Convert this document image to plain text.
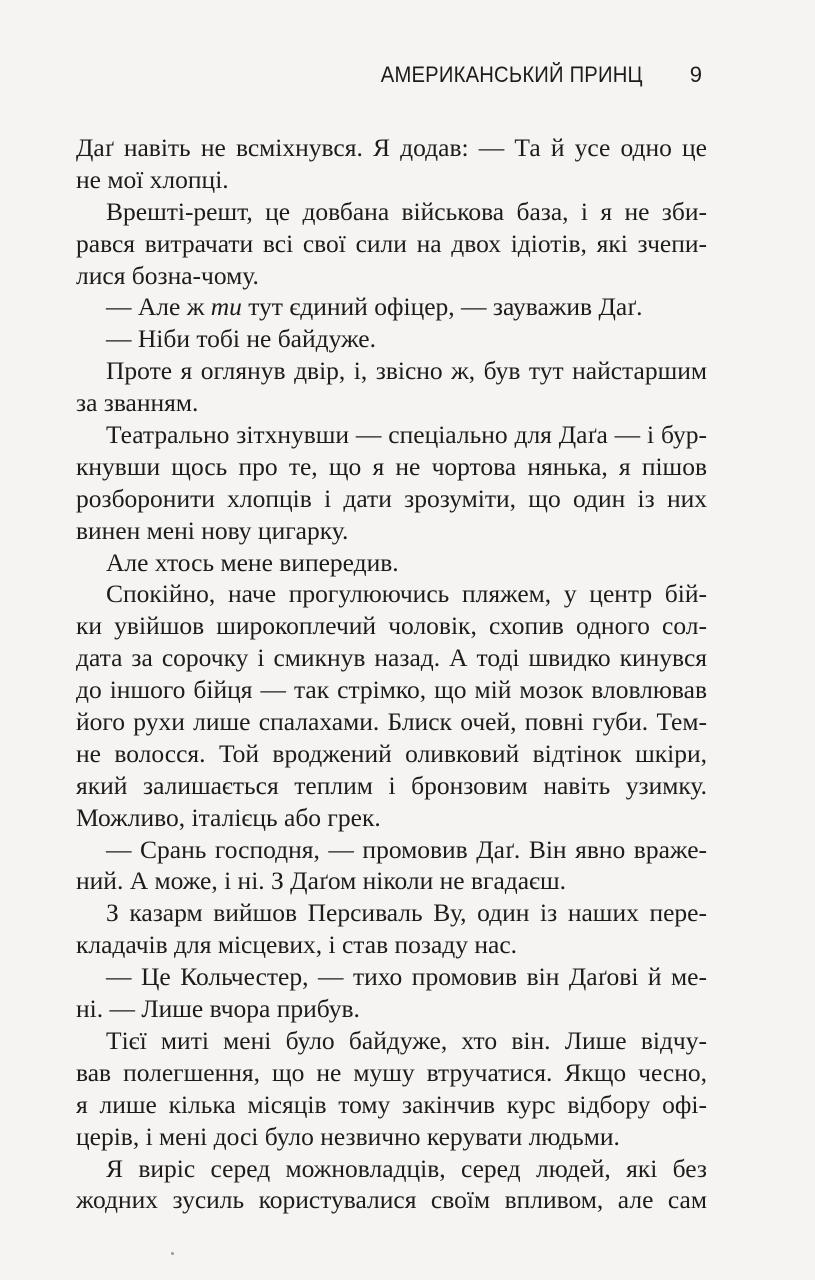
АМЕРИКАНСЬКИЙ ПРИНЦ 9
Даґ навіть не всміхнувся. Я додав: — Та й усе одно це
не мої хлопці.
Врешті-решт, це довбана військова база, і я не зби-
рався витрачати всі свої сили на двох ідіотів, які зчепи-
лися бозна-чому.
— Але ж ти тут єдиний офіцер, — зауважив Даґ.
— Ніби тобі не байдуже.
Проте я оглянув двір, і, звісно ж, був тут найстаршим
за званням.
Театрально зітхнувши — спеціально для Даґа — і бур-
кнувши щось про те, що я не чортова нянька, я пішов
розборонити хлопців і дати зрозуміти, що один із них
винен мені нову цигарку.
Але хтось мене випередив.
Спокійно, наче прогулюючись пляжем, у центр бій-
ки увійшов широкоплечий чоловік, схопив одного сол-
дата за сорочку і смикнув назад. А тоді швидко кинувся
до іншого бійця — так стрімко, що мій мозок вловлював
його рухи лише спалахами. Блиск очей, повні губи. Тем-
не волосся. Той вроджений оливковий відтінок шкіри,
який залишається теплим і бронзовим навіть узимку.
Можливо, італієць або грек.
— Срань господня, — промовив Даґ. Він явно враже-
ний. А може, і ні. З Даґом ніколи не вгадаєш.
З казарм вийшов Персиваль Ву, один із наших пере-
кладачів для місцевих, і став позаду нас.
— Це Кольчестер, — тихо промовив він Даґові й ме-
ні. — Лише вчора прибув.
Тієї миті мені було байдуже, хто він. Лише відчу-
вав полегшення, що не мушу втручатися. Якщо чесно,
я лише кілька місяців тому закінчив курс відбору офі-
церів, і мені досі було незвично керувати людьми.
Я виріс серед можновладців, серед людей, які без
жодних зусиль користувалися своїм впливом, але сам
